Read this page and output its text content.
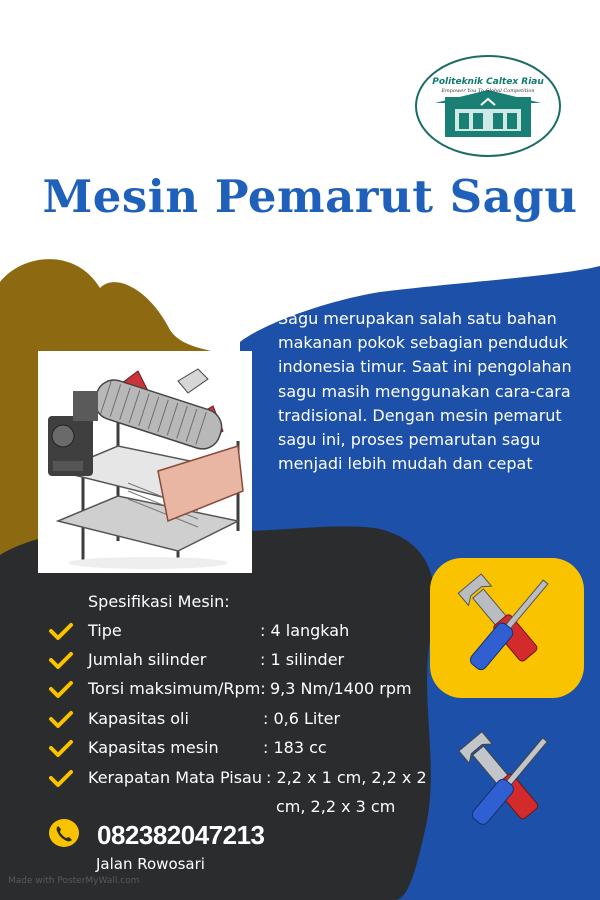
Politeknik Caltex Riau
Empower You To Global Competition
Mesin Pemarut Sagu
Sagu merupakan salah satu bahan makanan pokok sebagian penduduk indonesia timur. Saat ini pengolahan sagu masih menggunakan cara-cara tradisional. Dengan mesin pemarut sagu ini, proses pemarutan sagu menjadi lebih mudah dan cepat
Spesifikasi Mesin:
Tipe	: 4 langkah
Jumlah silinder	: 1 silinder
Torsi maksimum/Rpm: 9,3 Nm/1400 rpm
Kapasitas oli	: 0,6 Liter
Kapasitas mesin	: 183 cc
Kerapatan Mata Pisau : 2,2 x 1 cm, 2,2 x 2
cm, 2,2 x 3 cm
082382047213
Jalan Rowosari
Made with PosterMyWall.com
